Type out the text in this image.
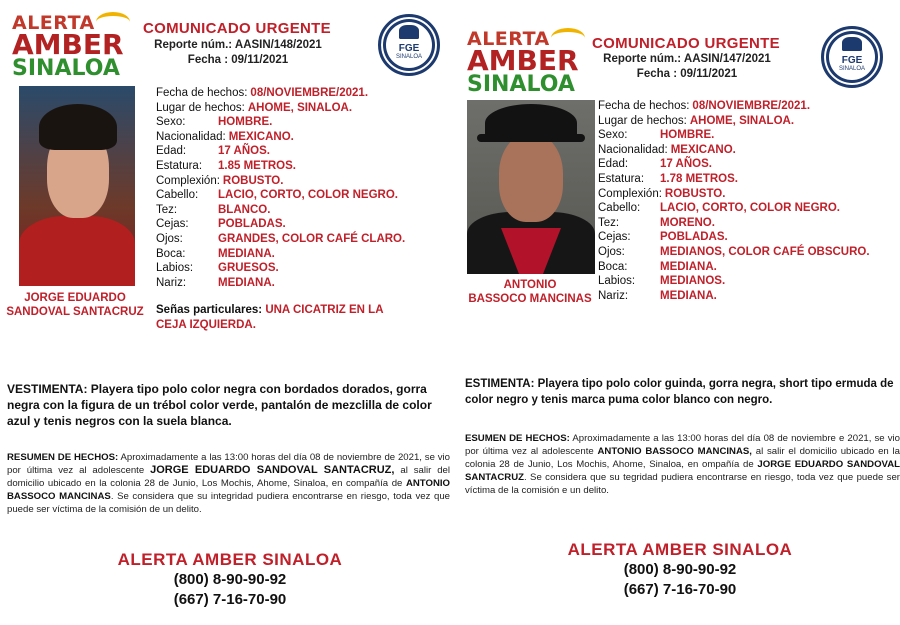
ALERTA
AMBER
SINALOA
COMUNICADO URGENTE
Reporte núm.: AASIN/148/2021
Fecha : 09/11/2021
FGE
SINALOA
JORGE EDUARDO
SANDOVAL SANTACRUZ
Fecha de hechos: 08/NOVIEMBRE/2021.
Lugar de hechos: AHOME, SINALOA.
Sexo:	HOMBRE.
Nacionalidad: MEXICANO.
Edad:	17 AÑOS.
Estatura:	1.85 METROS.
Complexión: ROBUSTO.
Cabello:	LACIO, CORTO, COLOR NEGRO.
Tez:	BLANCO.
Cejas:	POBLADAS.
Ojos:	GRANDES, COLOR CAFÉ CLARO.
Boca:	MEDIANA.
Labios:	GRUESOS.
Nariz:	MEDIANA.
Señas particulares: UNA CICATRIZ EN LA
CEJA IZQUIERDA.
VESTIMENTA: Playera tipo polo color negra con bordados dorados, gorra negra con la figura de un trébol color verde, pantalón de mezclilla de color azul y tenis negros con la suela blanca.
RESUMEN DE HECHOS: Aproximadamente a las 13:00 horas del día 08 de noviembre de 2021, se vio por última vez al adolescente JORGE EDUARDO SANDOVAL SANTACRUZ, al salir del domicilio ubicado en la colonia 28 de Junio, Los Mochis, Ahome, Sinaloa, en compañía de ANTONIO BASSOCO MANCINAS. Se considera que su integridad pudiera encontrarse en riesgo, toda vez que puede ser víctima de la comisión de un delito.
ALERTA AMBER SINALOA
(800) 8-90-90-92
(667) 7-16-70-90
ALERTA
AMBER
SINALOA
COMUNICADO URGENTE
Reporte núm.: AASIN/147/2021
Fecha : 09/11/2021
FGE
SINALOA
ANTONIO
BASSOCO MANCINAS
Fecha de hechos: 08/NOVIEMBRE/2021.
Lugar de hechos: AHOME, SINALOA.
Sexo:	HOMBRE.
Nacionalidad: MEXICANO.
Edad:	17 AÑOS.
Estatura:	1.78 METROS.
Complexión: ROBUSTO.
Cabello:	LACIO, CORTO, COLOR NEGRO.
Tez:	MORENO.
Cejas:	POBLADAS.
Ojos:	MEDIANOS, COLOR CAFÉ OBSCURO.
Boca:	MEDIANA.
Labios:	MEDIANOS.
Nariz:	MEDIANA.
ESTIMENTA: Playera tipo polo color guinda, gorra negra, short tipo ermuda de color negro y tenis marca puma color blanco con negro.
ESUMEN DE HECHOS: Aproximadamente a las 13:00 horas del día 08 de noviembre e 2021, se vio por última vez al adolescente ANTONIO BASSOCO MANCINAS, al salir el domicilio ubicado en la colonia 28 de Junio, Los Mochis, Ahome, Sinaloa, en ompañía de JORGE EDUARDO SANDOVAL SANTACRUZ. Se considera que su tegridad pudiera encontrarse en riesgo, toda vez que puede ser víctima de la comisión e un delito.
ALERTA AMBER SINALOA
(800) 8-90-90-92
(667) 7-16-70-90
